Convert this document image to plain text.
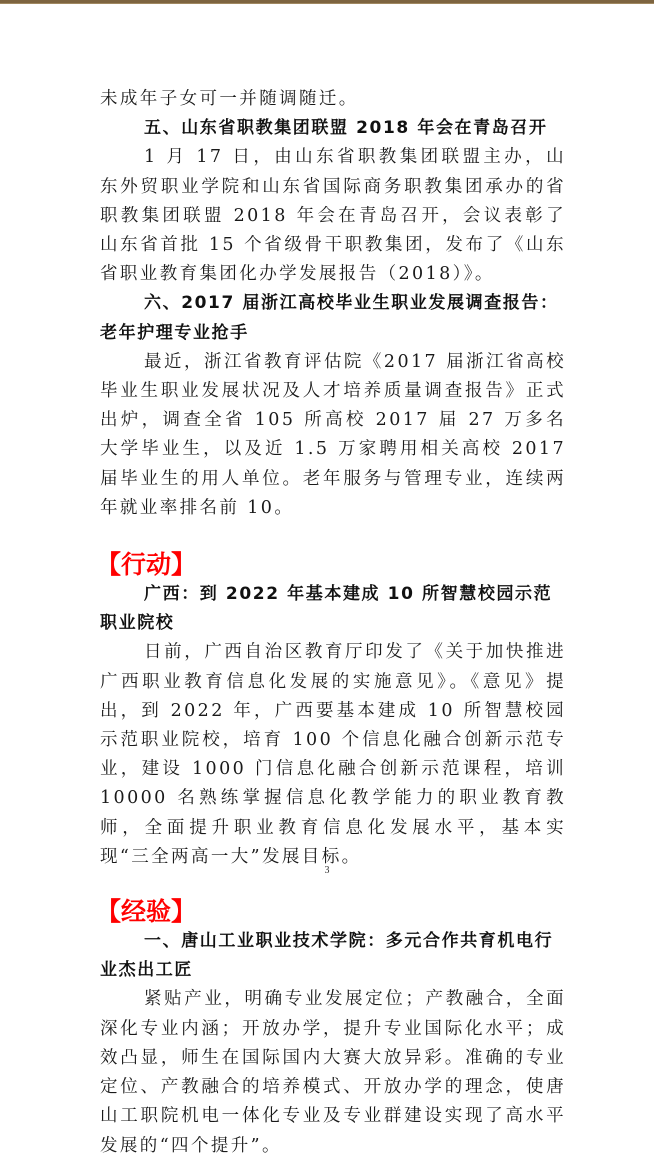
未成年子女可一并随调随迁。

五、山东省职教集团联盟 2018 年会在青岛召开

1 月 17 日，由山东省职教集团联盟主办，山东外贸职业学院和山东省国际商务职教集团承办的省职教集团联盟 2018 年会在青岛召开，会议表彰了山东省首批 15 个省级骨干职教集团，发布了《山东省职业教育集团化办学发展报告（2018）》。

六、2017 届浙江高校毕业生职业发展调查报告：老年护理专业抢手

最近，浙江省教育评估院《2017 届浙江省高校毕业生职业发展状况及人才培养质量调查报告》正式出炉，调查全省 105 所高校 2017 届 27 万多名大学毕业生，以及近 1.5 万家聘用相关高校 2017 届毕业生的用人单位。老年服务与管理专业，连续两年就业率排名前 10。

【行动】

广西：到 2022 年基本建成 10 所智慧校园示范职业院校

日前，广西自治区教育厅印发了《关于加快推进广西职业教育信息化发展的实施意见》。《意见》提出，到 2022 年，广西要基本建成 10 所智慧校园示范职业院校，培育 100 个信息化融合创新示范专业，建设 1000 门信息化融合创新示范课程，培训 10000 名熟练掌握信息化教学能力的职业教育教师，全面提升职业教育信息化发展水平，基本实现“三全两高一大”发展目标。

【经验】

一、唐山工业职业技术学院：多元合作共育机电行业杰出工匠

紧贴产业，明确专业发展定位；产教融合，全面深化专业内涵；开放办学，提升专业国际化水平；成效凸显，师生在国际国内大赛大放异彩。准确的专业定位、产教融合的培养模式、开放办学的理念，使唐山工职院机电一体化专业及专业群建设实现了高水平发展的“四个提升”。

3
